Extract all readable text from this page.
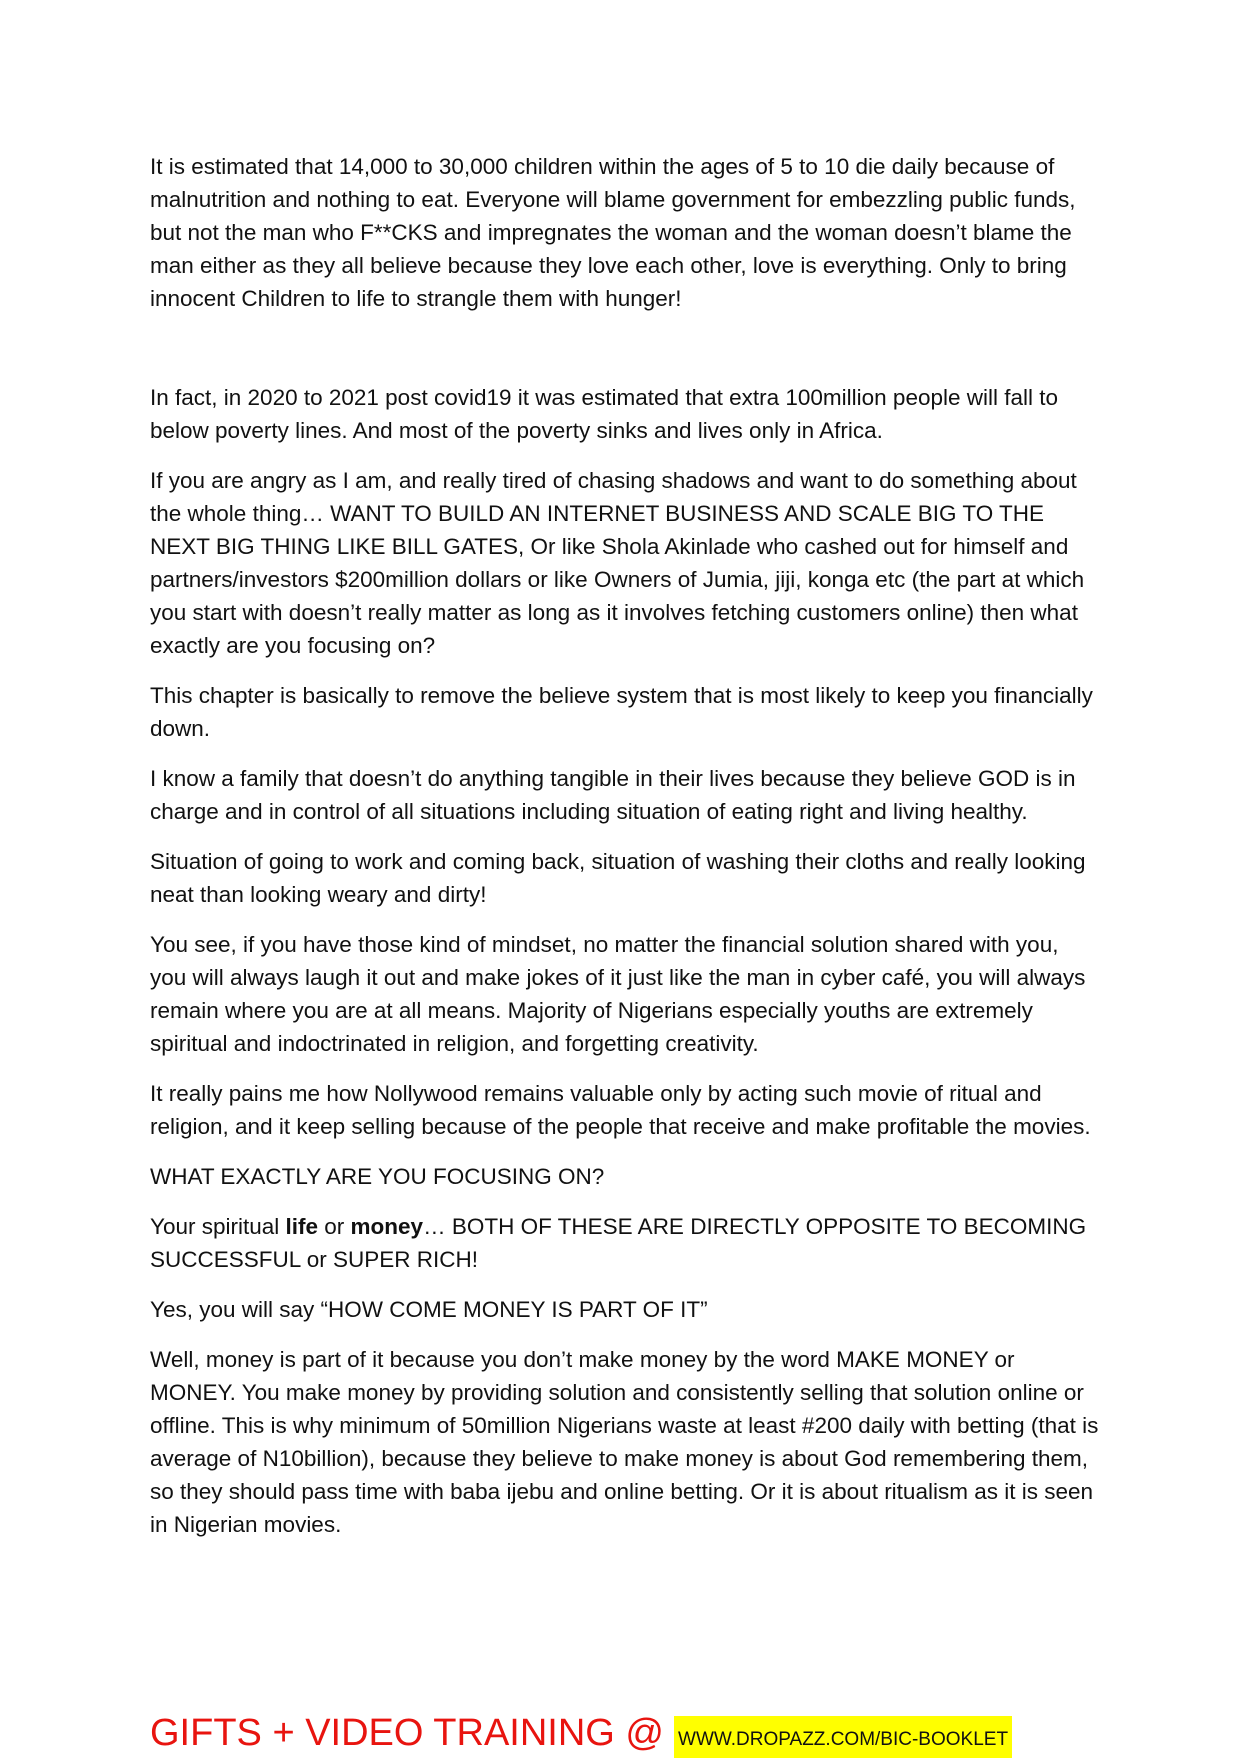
It is estimated that 14,000 to 30,000 children within the ages of 5 to 10 die daily because of malnutrition and nothing to eat. Everyone will blame government for embezzling public funds, but not the man who F**CKS and impregnates the woman and the woman doesn’t blame the man either as they all believe because they love each other, love is everything. Only to bring innocent Children to life to strangle them with hunger!

In fact, in 2020 to 2021 post covid19 it was estimated that extra 100million people will fall to below poverty lines. And most of the poverty sinks and lives only in Africa.

If you are angry as I am, and really tired of chasing shadows and want to do something about the whole thing… WANT TO BUILD AN INTERNET BUSINESS AND SCALE BIG TO THE NEXT BIG THING LIKE BILL GATES, Or like Shola Akinlade who cashed out for himself and partners/investors $200million dollars or like Owners of Jumia, jiji, konga etc (the part at which you start with doesn’t really matter as long as it involves fetching customers online) then what exactly are you focusing on?

This chapter is basically to remove the believe system that is most likely to keep you financially down.

I know a family that doesn’t do anything tangible in their lives because they believe GOD is in charge and in control of all situations including situation of eating right and living healthy.

Situation of going to work and coming back, situation of washing their cloths and really looking neat than looking weary and dirty!

You see, if you have those kind of mindset, no matter the financial solution shared with you, you will always laugh it out and make jokes of it just like the man in cyber café, you will always remain where you are at all means. Majority of Nigerians especially youths are extremely spiritual and indoctrinated in religion, and forgetting creativity.

It really pains me how Nollywood remains valuable only by acting such movie of ritual and religion, and it keep selling because of the people that receive and make profitable the movies.

WHAT EXACTLY ARE YOU FOCUSING ON?

Your spiritual life or money… BOTH OF THESE ARE DIRECTLY OPPOSITE TO BECOMING SUCCESSFUL or SUPER RICH!

Yes, you will say “HOW COME MONEY IS PART OF IT”

Well, money is part of it because you don’t make money by the word MAKE MONEY or MONEY. You make money by providing solution and consistently selling that solution online or offline. This is why minimum of 50million Nigerians waste at least #200 daily with betting (that is average of N10billion), because they believe to make money is about God remembering them, so they should pass time with baba ijebu and online betting. Or it is about ritualism as it is seen in Nigerian movies.

GIFTS + VIDEO TRAINING @ WWW.DROPAZZ.COM/BIC-BOOKLET
